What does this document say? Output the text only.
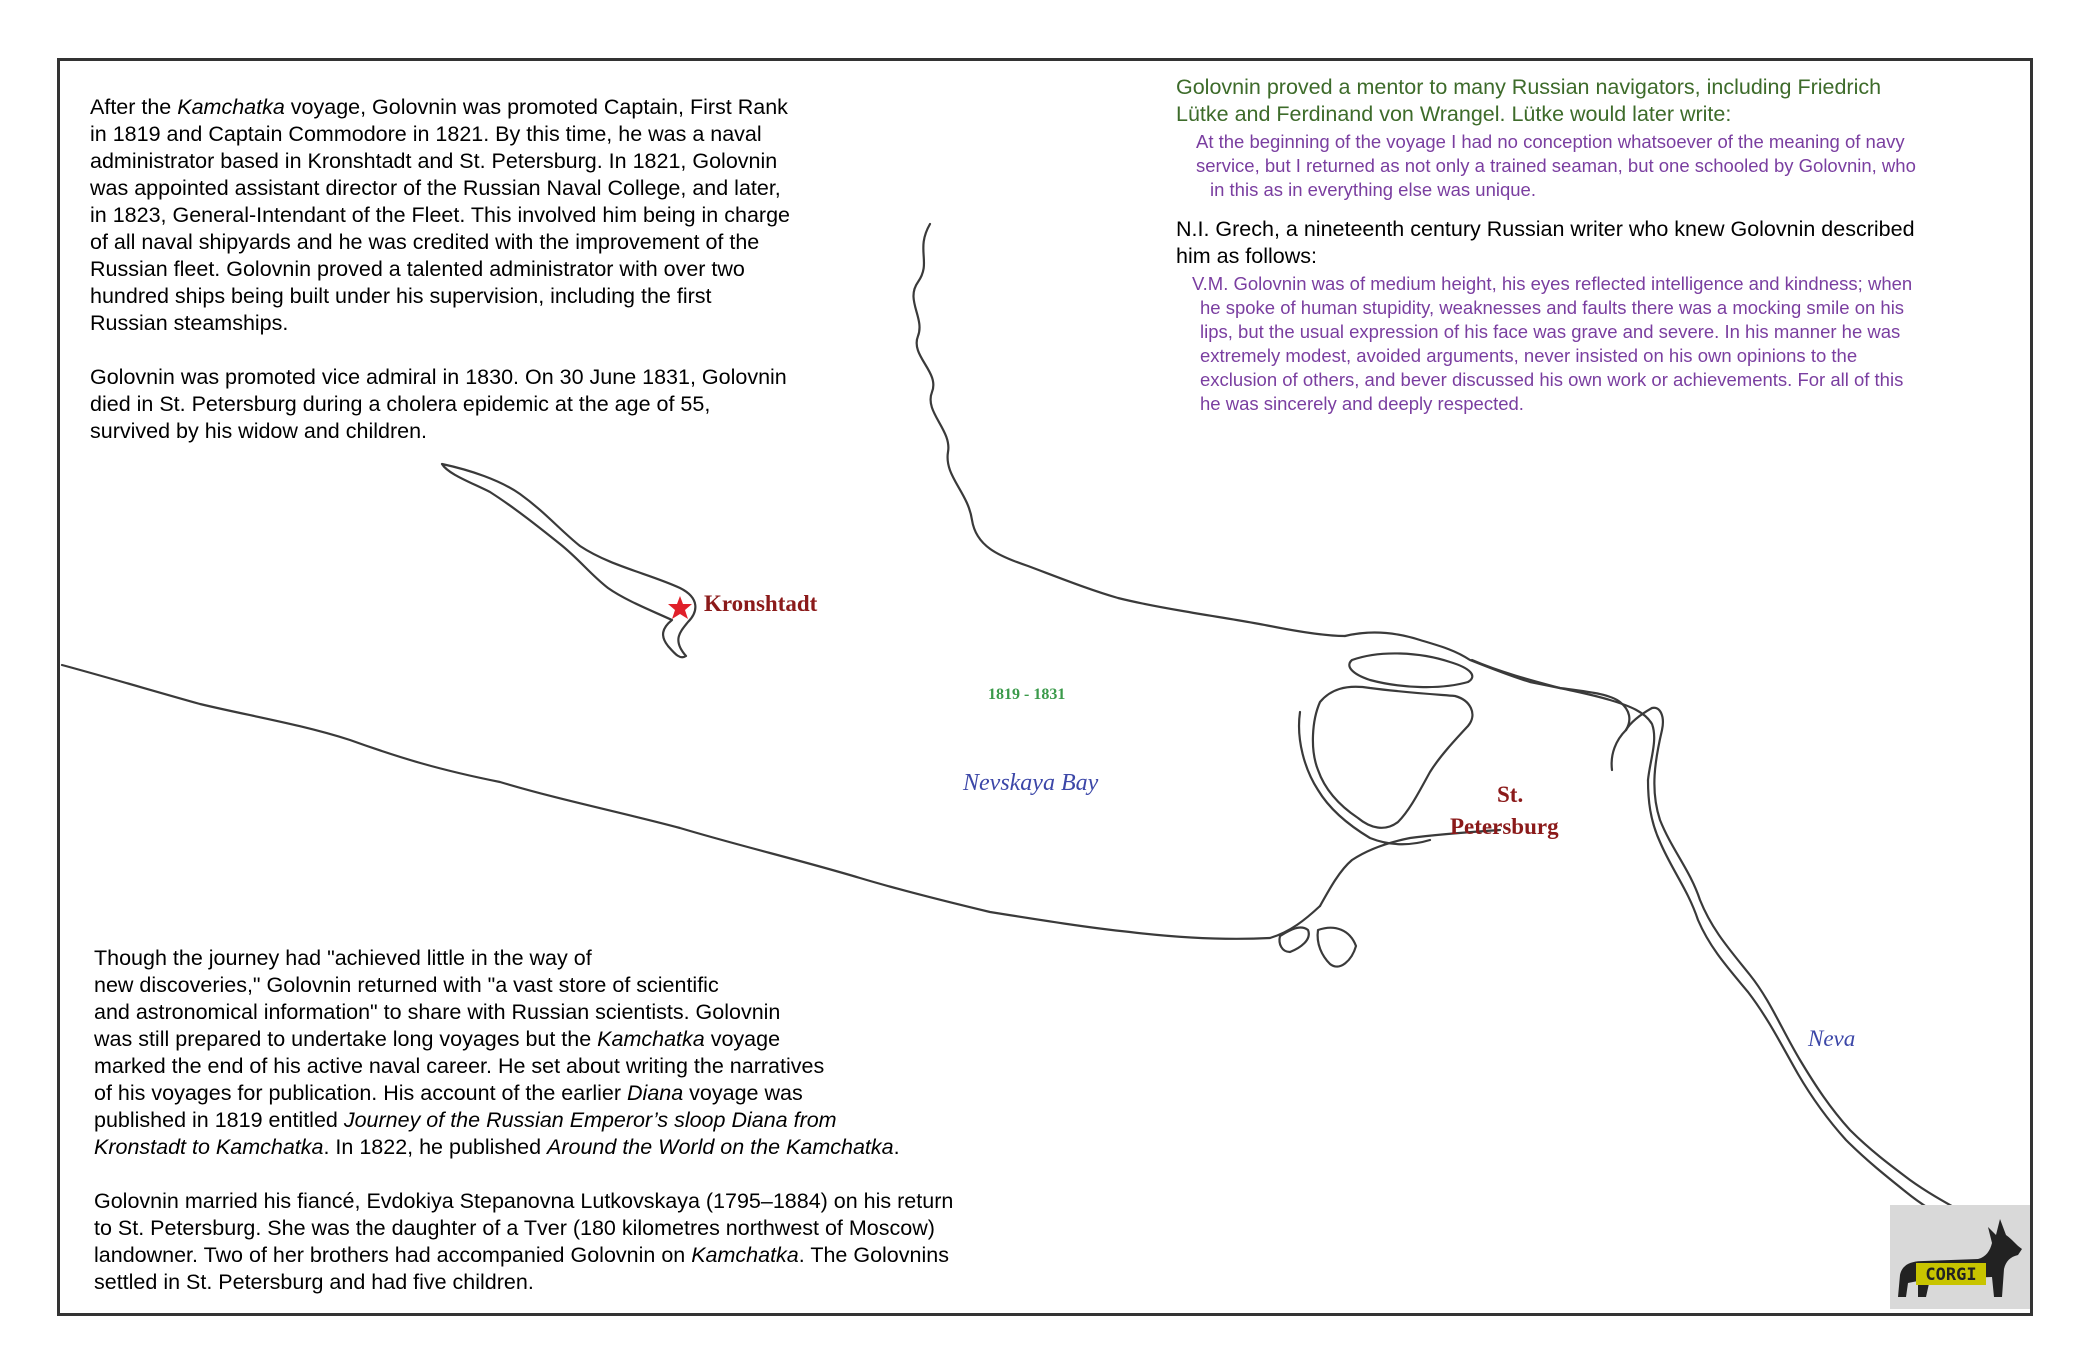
After the Kamchatka voyage, Golovnin was promoted Captain, First Rank
in 1819 and Captain Commodore in 1821. By this time, he was a naval
administrator based in Kronshtadt and St. Petersburg. In 1821, Golovnin
was appointed assistant director of the Russian Naval College, and later,
in 1823, General-Intendant of the Fleet. This involved him being in charge
of all naval shipyards and he was credited with the improvement of the
Russian fleet. Golovnin proved a talented administrator with over two
hundred ships being built under his supervision, including the first
Russian steamships.
Golovnin was promoted vice admiral in 1830. On 30 June 1831, Golovnin
died in St. Petersburg during a cholera epidemic at the age of 55,
survived by his widow and children.
Though the journey had "achieved little in the way of
new discoveries," Golovnin returned with "a vast store of scientific
and astronomical information" to share with Russian scientists. Golovnin
was still prepared to undertake long voyages but the Kamchatka voyage
marked the end of his active naval career. He set about writing the narratives
of his voyages for publication. His account of the earlier Diana voyage was
published in 1819 entitled Journey of the Russian Emperor’s sloop Diana from
Kronstadt to Kamchatka. In 1822, he published Around the World on the Kamchatka.
Golovnin married his fiancé, Evdokiya Stepanovna Lutkovskaya (1795–1884) on his return
to St. Petersburg. She was the daughter of a Tver (180 kilometres northwest of Moscow)
landowner. Two of her brothers had accompanied Golovnin on Kamchatka. The Golovnins
settled in St. Petersburg and had five children.

Golovnin proved a mentor to many Russian navigators, including Friedrich
Lütke and Ferdinand von Wrangel. Lütke would later write:

At the beginning of the voyage I had no conception whatsoever of the meaning of navy
service, but I returned as not only a trained seaman, but one schooled by Golovnin, who
in this as in everything else was unique.

N.I. Grech, a nineteenth century Russian writer who knew Golovnin described
him as follows:

V.M. Golovnin was of medium height, his eyes reflected intelligence and kindness; when
he spoke of human stupidity, weaknesses and faults there was a mocking smile on his
lips, but the usual expression of his face was grave and severe. In his manner he was
extremely modest, avoided arguments, never insisted on his own opinions to the
exclusion of others, and bever discussed his own work or achievements. For all of this
he was sincerely and deeply respected.
Kronshtadt
1819 - 1831
Nevskaya Bay	St.
Petersburg
Neva
CORGI
